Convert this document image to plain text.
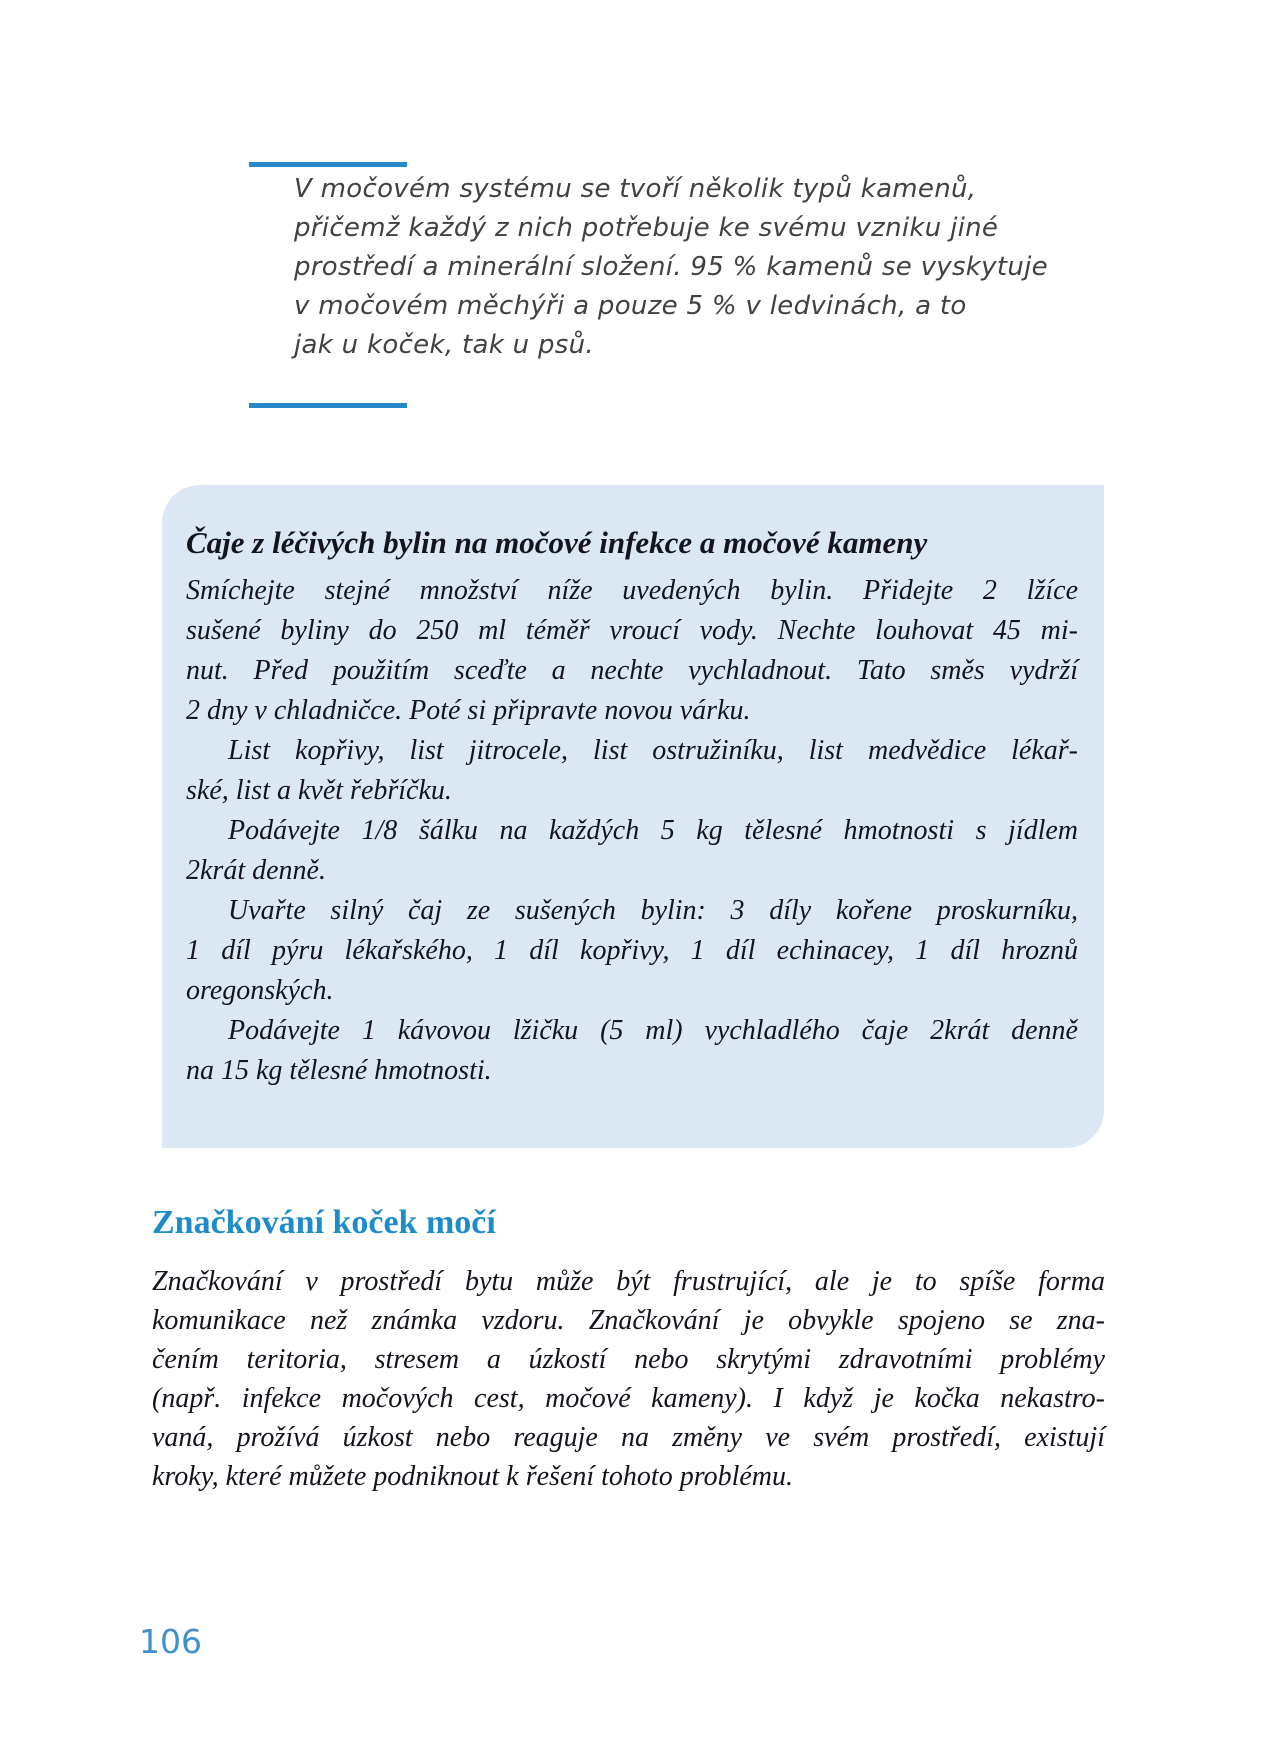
V močovém systému se tvoří několik typů kamenů,
přičemž každý z nich potřebuje ke svému vzniku jiné
prostředí a minerální složení. 95 % kamenů se vyskytuje
v močovém měchýři a pouze 5 % v ledvinách, a to
jak u koček, tak u psů.
Čaje z léčivých bylin na močové infekce a močové kameny
Smíchejte stejné množství níže uvedených bylin. Přidejte 2 lžíce
sušené byliny do 250 ml téměř vroucí vody. Nechte louhovat 45 mi-
nut. Před použitím sceďte a nechte vychladnout. Tato směs vydrží
2 dny v chladničce. Poté si připravte novou várku.
List kopřivy, list jitrocele, list ostružiníku, list medvědice lékař-
ské, list a květ řebříčku.
Podávejte 1/8 šálku na každých 5 kg tělesné hmotnosti s jídlem
2krát denně.
Uvařte silný čaj ze sušených bylin: 3 díly kořene proskurníku,
1 díl pýru lékařského, 1 díl kopřivy, 1 díl echinacey, 1 díl hroznů
oregonských.
Podávejte 1 kávovou lžičku (5 ml) vychladlého čaje 2krát denně
na 15 kg tělesné hmotnosti.
Značkování koček močí
Značkování v prostředí bytu může být frustrující, ale je to spíše forma
komunikace než známka vzdoru. Značkování je obvykle spojeno se zna-
čením teritoria, stresem a úzkostí nebo skrytými zdravotními problémy
(např. infekce močových cest, močové kameny). I když je kočka nekastro-
vaná, prožívá úzkost nebo reaguje na změny ve svém prostředí, existují
kroky, které můžete podniknout k řešení tohoto problému.
106
